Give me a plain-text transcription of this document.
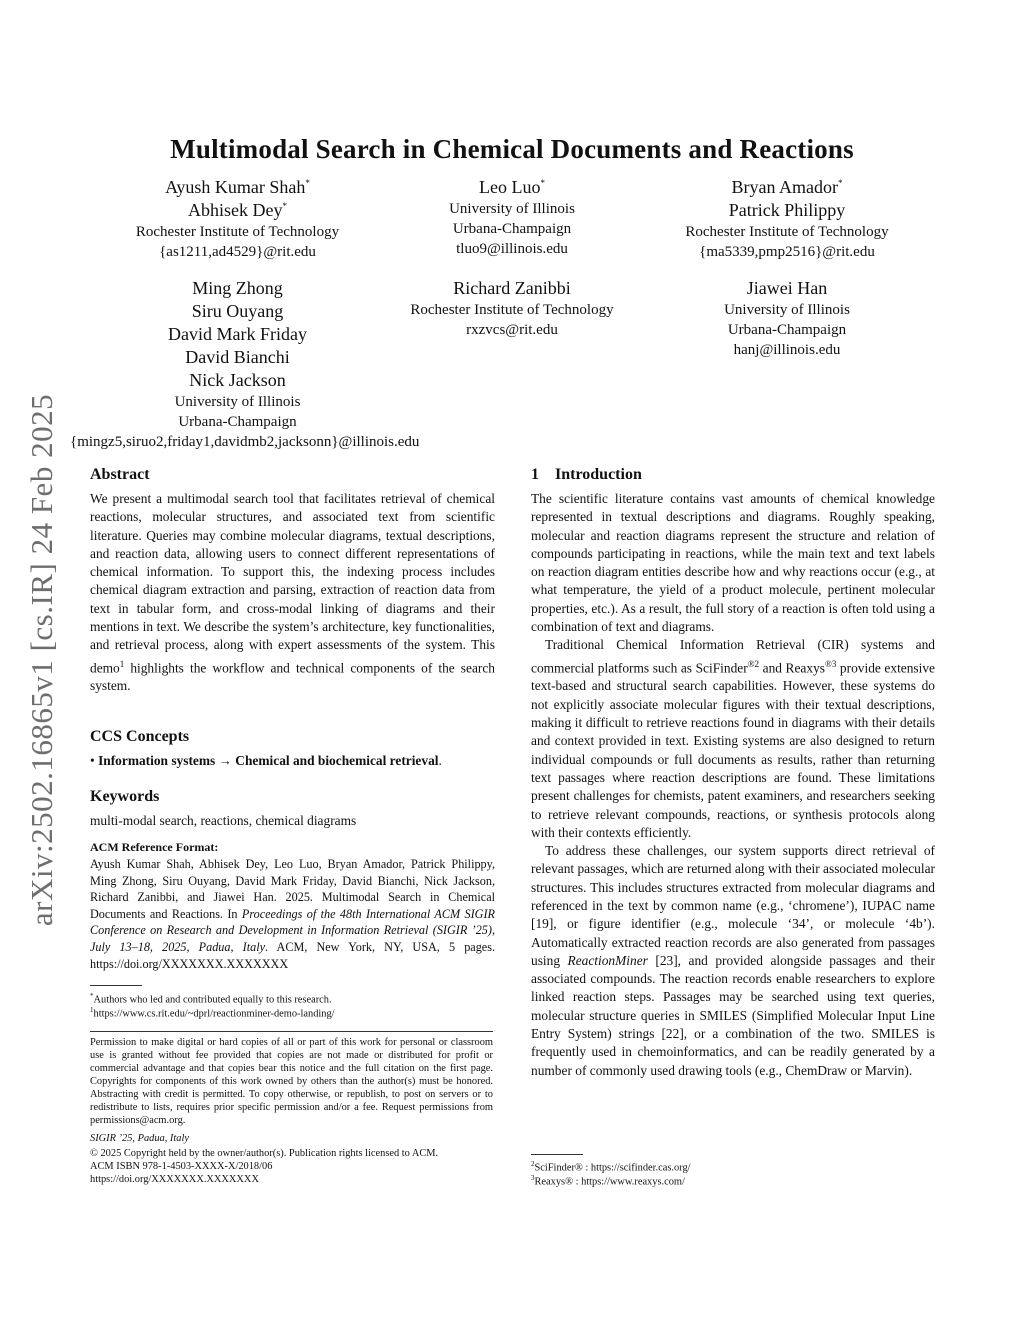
arXiv:2502.16865v1 [cs.IR] 24 Feb 2025
Multimodal Search in Chemical Documents and Reactions
Ayush Kumar Shah*
Abhisek Dey*
Rochester Institute of Technology
{as1211,ad4529}@rit.edu
Leo Luo*
University of Illinois
Urbana-Champaign
tluo9@illinois.edu
Bryan Amador*
Patrick Philippy
Rochester Institute of Technology
{ma5339,pmp2516}@rit.edu
Ming Zhong
Siru Ouyang
David Mark Friday
David Bianchi
Nick Jackson
University of Illinois
Urbana-Champaign
{mingz5,siruo2,friday1,davidmb2,jacksonn}@illinois.edu
Richard Zanibbi
Rochester Institute of Technology
rxzvcs@rit.edu
Jiawei Han
University of Illinois
Urbana-Champaign
hanj@illinois.edu
Abstract

We present a multimodal search tool that facilitates retrieval of chemical reactions, molecular structures, and associated text from scientific literature. Queries may combine molecular diagrams, textual descriptions, and reaction data, allowing users to connect different representations of chemical information. To support this, the indexing process includes chemical diagram extraction and parsing, extraction of reaction data from text in tabular form, and cross-modal linking of diagrams and their mentions in text. We describe the system’s architecture, key functionalities, and retrieval process, along with expert assessments of the system. This demo$^1$ highlights the workflow and technical components of the search system.

CCS Concepts

• Information systems → Chemical and biochemical retrieval.

Keywords
multi-modal search, reactions, chemical diagrams
ACM Reference Format:

Ayush Kumar Shah, Abhisek Dey, Leo Luo, Bryan Amador, Patrick Philippy, Ming Zhong, Siru Ouyang, David Mark Friday, David Bianchi, Nick Jackson, Richard Zanibbi, and Jiawei Han. 2025. Multimodal Search in Chemical Documents and Reactions. In Proceedings of the 48th International ACM SIGIR Conference on Research and Development in Information Retrieval (SIGIR ’25), July 13–18, 2025, Padua, Italy. ACM, New York, NY, USA, 5 pages. https://doi.org/XXXXXXX.XXXXXXX

*Authors who led and contributed equally to this research.
$^1$https://www.cs.rit.edu/~dprl/reactionminer-demo-landing/
Permission to make digital or hard copies of all or part of this work for personal or classroom use is granted without fee provided that copies are not made or distributed for profit or commercial advantage and that copies bear this notice and the full citation on the first page. Copyrights for components of this work owned by others than the author(s) must be honored. Abstracting with credit is permitted. To copy otherwise, or republish, to post on servers or to redistribute to lists, requires prior specific permission and/or a fee. Request permissions from permissions@acm.org.
SIGIR ’25, Padua, Italy
© 2025 Copyright held by the owner/author(s). Publication rights licensed to ACM.
ACM ISBN 978-1-4503-XXXX-X/2018/06
https://doi.org/XXXXXXX.XXXXXXX
1    Introduction

The scientific literature contains vast amounts of chemical knowledge represented in textual descriptions and diagrams. Roughly speaking, molecular and reaction diagrams represent the structure and relation of compounds participating in reactions, while the main text and text labels on reaction diagram entities describe how and why reactions occur (e.g., at what temperature, the yield of a product molecule, pertinent molecular properties, etc.). As a result, the full story of a reaction is often told using a combination of text and diagrams.

Traditional Chemical Information Retrieval (CIR) systems and commercial platforms such as SciFinder$^{®2}$ and Reaxys$^{®3}$ provide extensive text-based and structural search capabilities. However, these systems do not explicitly associate molecular figures with their textual descriptions, making it difficult to retrieve reactions found in diagrams with their details and context provided in text. Existing systems are also designed to return individual compounds or full documents as results, rather than returning text passages where reaction descriptions are found. These limitations present challenges for chemists, patent examiners, and researchers seeking to retrieve relevant compounds, reactions, or synthesis protocols along with their contexts efficiently.

To address these challenges, our system supports direct retrieval of relevant passages, which are returned along with their associated molecular structures. This includes structures extracted from molecular diagrams and referenced in the text by common name (e.g., ‘chromene’), IUPAC name [19], or figure identifier (e.g., molecule ‘34’, or molecule ‘4b’). Automatically extracted reaction records are also generated from passages using ReactionMiner [23], and provided alongside passages and their associated compounds. The reaction records enable researchers to explore linked reaction steps. Passages may be searched using text queries, molecular structure queries in SMILES (Simplified Molecular Input Line Entry System) strings [22], or a combination of the two. SMILES is frequently used in chemoinformatics, and can be readily generated by a number of commonly used drawing tools (e.g., ChemDraw or Marvin).

$^2$SciFinder® : https://scifinder.cas.org/
$^3$Reaxys® : https://www.reaxys.com/
